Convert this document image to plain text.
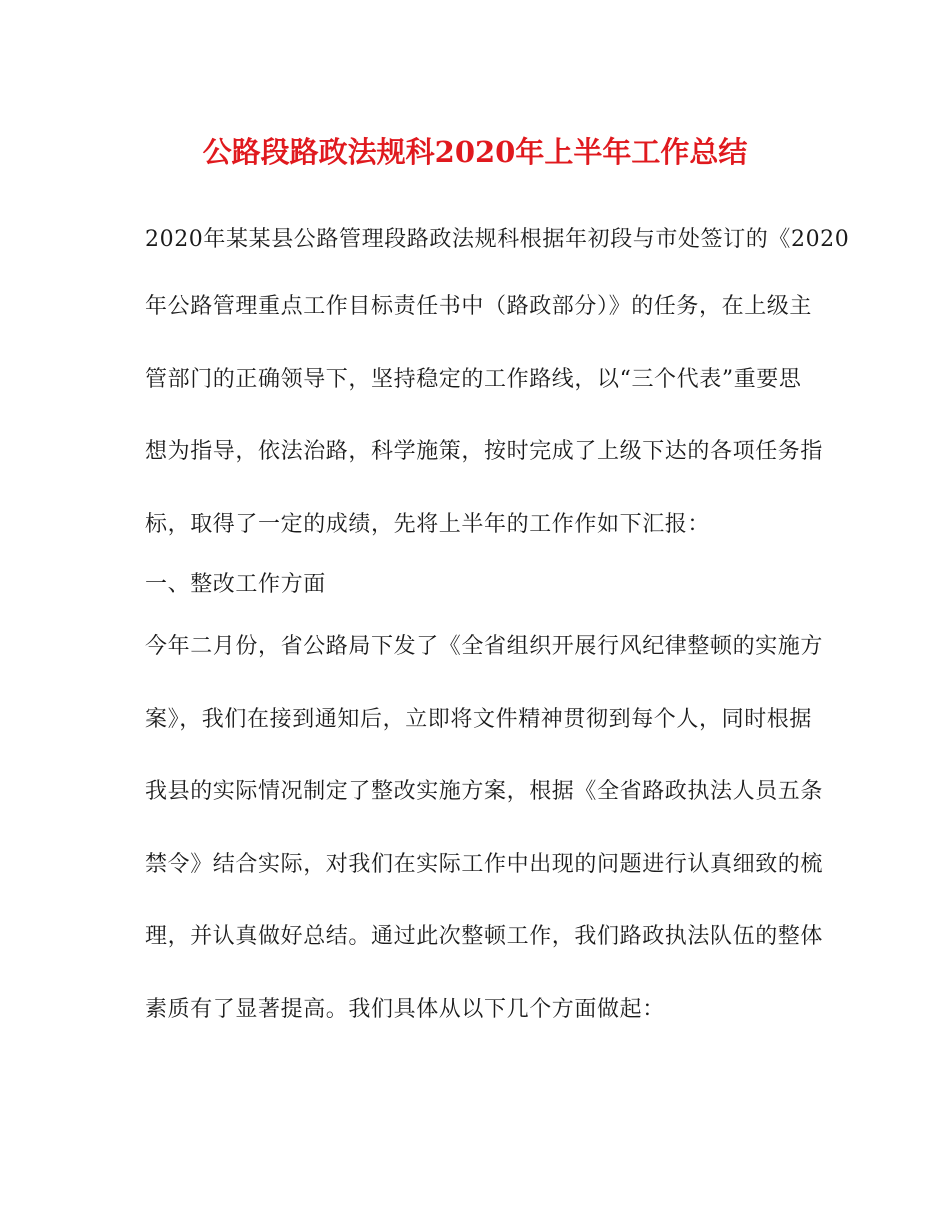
公路段路政法规科2020年上半年工作总结
2020年某某县公路管理段路政法规科根据年初段与市处签订的《2020
年公路管理重点工作目标责任书中（路政部分）》的任务，在上级主
管部门的正确领导下，坚持稳定的工作路线，以“三个代表”重要思
想为指导，依法治路，科学施策，按时完成了上级下达的各项任务指
标，取得了一定的成绩，先将上半年的工作作如下汇报：
一、整改工作方面
今年二月份，省公路局下发了《全省组织开展行风纪律整顿的实施方
案》，我们在接到通知后，立即将文件精神贯彻到每个人，同时根据
我县的实际情况制定了整改实施方案，根据《全省路政执法人员五条
禁令》结合实际，对我们在实际工作中出现的问题进行认真细致的梳
理，并认真做好总结。通过此次整顿工作，我们路政执法队伍的整体
素质有了显著提高。我们具体从以下几个方面做起：
